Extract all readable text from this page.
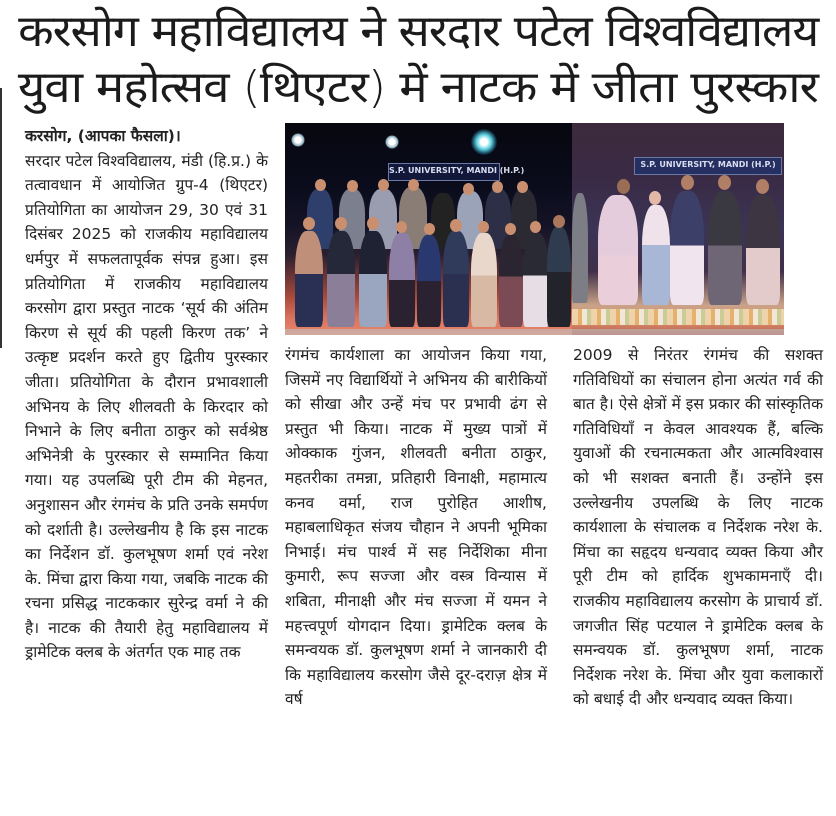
करसोग महाविद्यालय ने सरदार पटेल विश्वविद्यालय
युवा महोत्सव (थिएटर) में नाटक में जीता पुरस्कार

करसोग, (आपका फैसला)।

सरदार पटेल विश्वविद्यालय, मंडी (हि.प्र.) के तत्वावधान में आयोजित ग्रुप-4 (थिएटर) प्रतियोगिता का आयोजन 29, 30 एवं 31 दिसंबर 2025 को राजकीय महाविद्यालय धर्मपुर में सफलतापूर्वक संपन्न हुआ। इस प्रतियोगिता में राजकीय महाविद्यालय करसोग द्वारा प्रस्तुत नाटक ‘सूर्य की अंतिम किरण से सूर्य की पहली किरण तक’ ने उत्कृष्ट प्रदर्शन करते हुए द्वितीय पुरस्कार जीता। प्रतियोगिता के दौरान प्रभावशाली अभिनय के लिए शीलवती के किरदार को निभाने के लिए बनीता ठाकुर को सर्वश्रेष्ठ अभिनेत्री के पुरस्कार से सम्मानित किया गया। यह उपलब्धि पूरी टीम की मेहनत, अनुशासन और रंगमंच के प्रति उनके समर्पण को दर्शाती है। उल्लेखनीय है कि इस नाटक का निर्देशन डॉ. कुलभूषण शर्मा एवं नरेश के. मिंचा द्वारा किया गया, जबकि नाटक की रचना प्रसिद्ध नाटककार सुरेन्द्र वर्मा ने की है। नाटक की तैयारी हेतु महाविद्यालय में ड्रामेटिक क्लब के अंतर्गत एक माह तक

S.P. UNIVERSITY, MANDI (H.P.)
S.P. UNIVERSITY, MANDI (H.P.)

रंगमंच कार्यशाला का आयोजन किया गया, जिसमें नए विद्यार्थियों ने अभिनय की बारीकियों को सीखा और उन्हें मंच पर प्रभावी ढंग से प्रस्तुत भी किया। नाटक में मुख्य पात्रों में ओक्काक गुंजन, शीलवती बनीता ठाकुर, महतरीका तमन्ना, प्रतिहारी विनाक्षी, महामात्य कनव वर्मा, राज पुरोहित आशीष, महाबलाधिकृत संजय चौहान ने अपनी भूमिका निभाई। मंच पार्श्व में सह निर्देशिका मीना कुमारी, रूप सज्जा और वस्त्र विन्यास में शबिता, मीनाक्षी और मंच सज्जा में यमन ने महत्त्वपूर्ण योगदान दिया। ड्रामेटिक क्लब के समन्वयक डॉ. कुलभूषण शर्मा ने जानकारी दी कि महाविद्यालय करसोग जैसे दूर-दराज़ क्षेत्र में वर्ष

2009 से निरंतर रंगमंच की सशक्त गतिविधियों का संचालन होना अत्यंत गर्व की बात है। ऐसे क्षेत्रों में इस प्रकार की सांस्कृतिक गतिविधियाँ न केवल आवश्यक हैं, बल्कि युवाओं की रचनात्मकता और आत्मविश्वास को भी सशक्त बनाती हैं। उन्होंने इस उल्लेखनीय उपलब्धि के लिए नाटक कार्यशाला के संचालक व निर्देशक नरेश के. मिंचा का सहृदय धन्यवाद व्यक्त किया और पूरी टीम को हार्दिक शुभकामनाएँ दी। राजकीय महाविद्यालय करसोग के प्राचार्य डॉ. जगजीत सिंह पटयाल ने ड्रामेटिक क्लब के समन्वयक डॉ. कुलभूषण शर्मा, नाटक निर्देशक नरेश के. मिंचा और युवा कलाकारों को बधाई दी और धन्यवाद व्यक्त किया।
